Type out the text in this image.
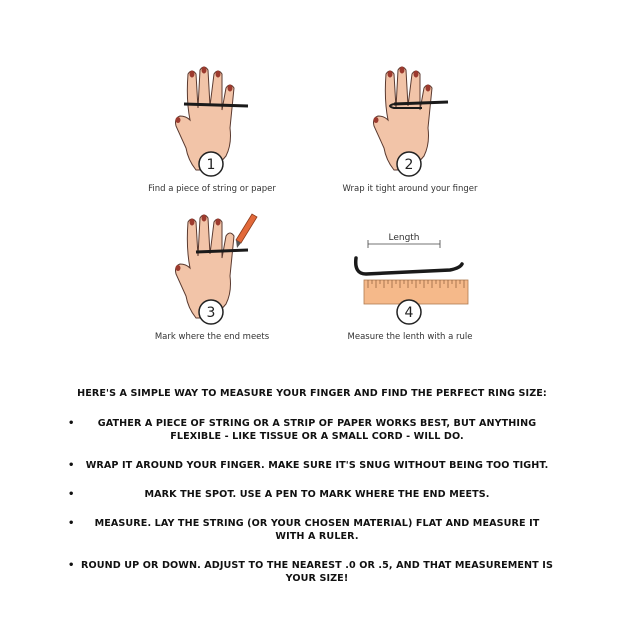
1
Find a piece of string or paper
2
Wrap it tight around your finger
3
Mark where the end meets
Length
4
Measure the lenth with a rule

HERE'S A SIMPLE WAY TO MEASURE YOUR FINGER AND FIND THE PERFECT RING SIZE:

• GATHER A PIECE OF STRING OR A STRIP OF PAPER WORKS BEST, BUT ANYTHING FLEXIBLE - LIKE TISSUE OR A SMALL CORD - WILL DO.
• WRAP IT AROUND YOUR FINGER. MAKE SURE IT'S SNUG WITHOUT BEING TOO TIGHT.
•	MARK THE SPOT. USE A PEN TO MARK WHERE THE END MEETS.
• MEASURE. LAY THE STRING (OR YOUR CHOSEN MATERIAL) FLAT AND MEASURE IT WITH A RULER.
• ROUND UP OR DOWN. ADJUST TO THE NEAREST .0 OR .5, AND THAT MEASUREMENT IS YOUR SIZE!
